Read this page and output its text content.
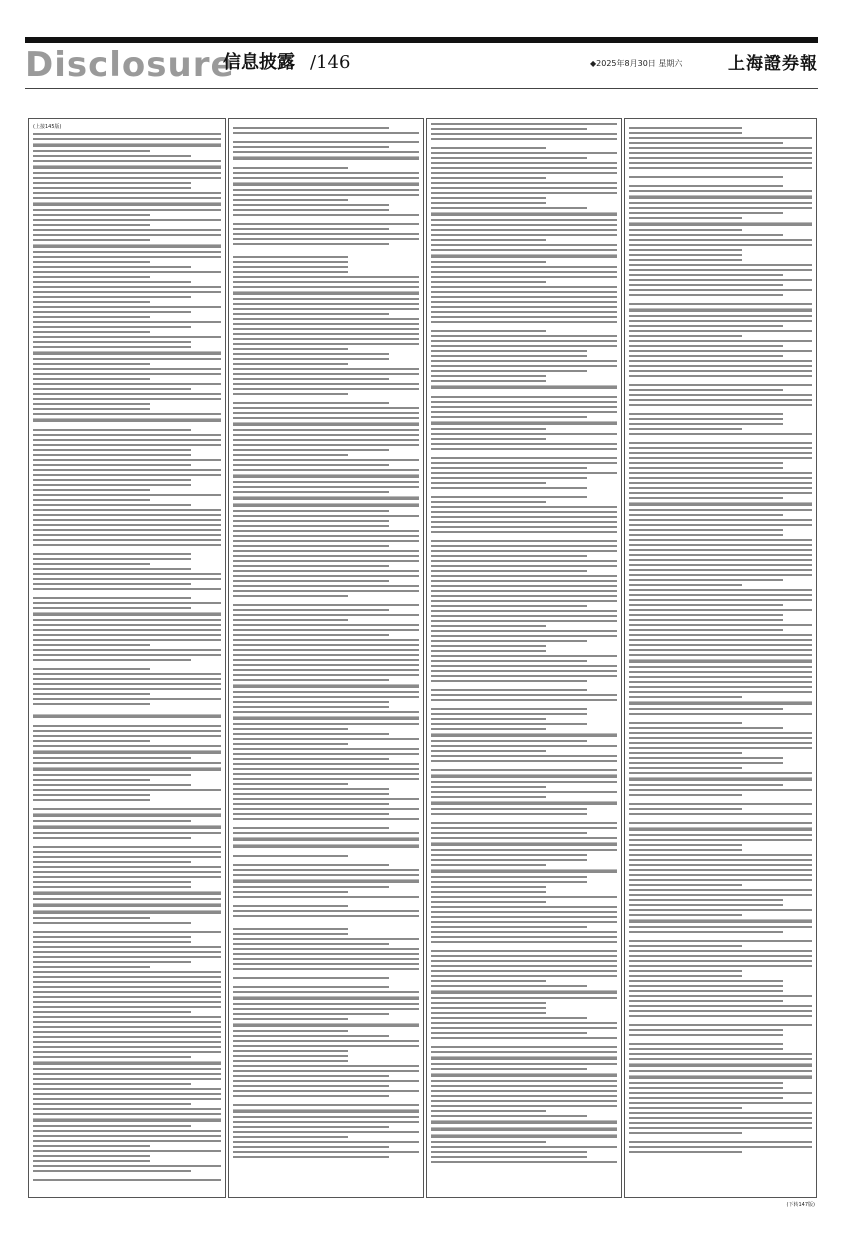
Disclosure
信息披露 /146	◆2025年8月30日 星期六	上海證券報
(上接145版)
(下转147版)
